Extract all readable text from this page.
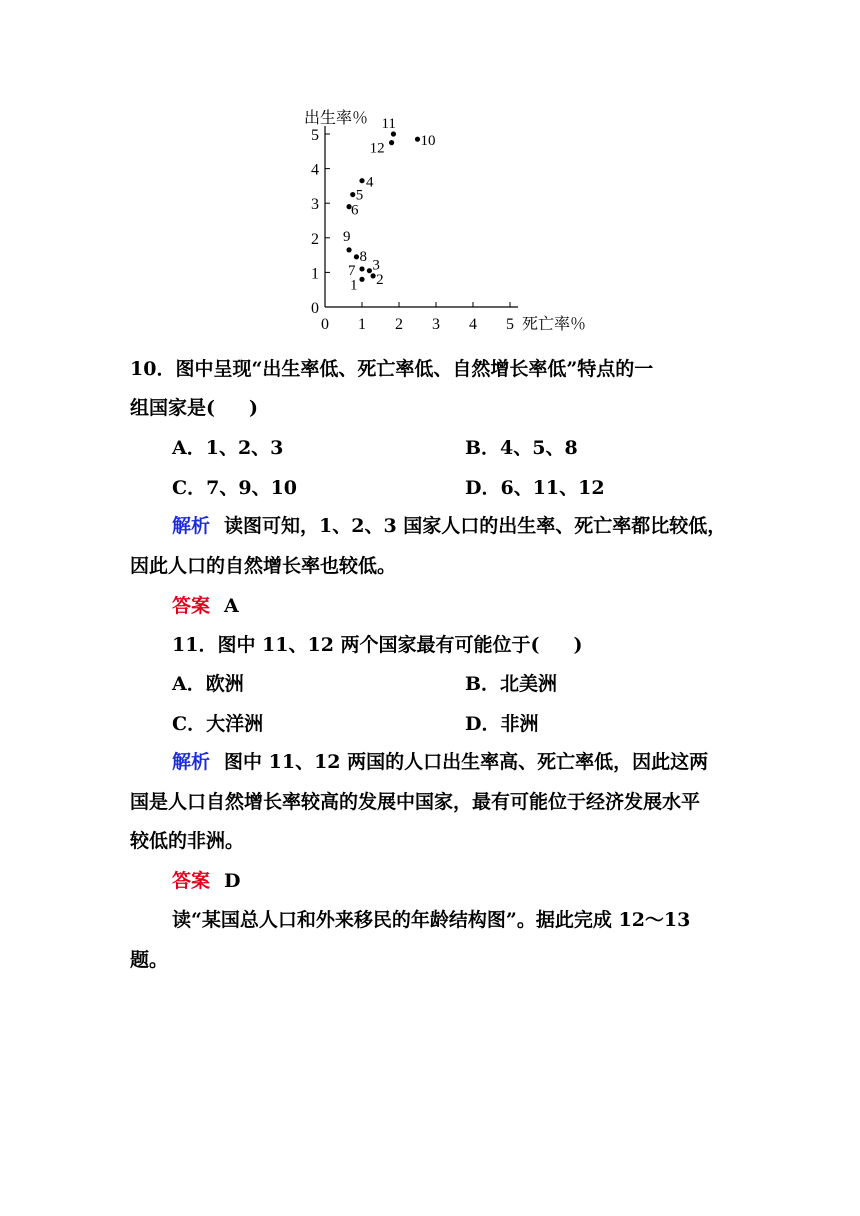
0
1
2
3
4
5
0 1 2 3 4 5
1 2
3
7
8
9
6
5
4
11
12 10
出生率％
死亡率％
10．图中呈现“出生率低、死亡率低、自然增长率低”特点的一
组国家是( )
A．1、2、3	B．4、5、8
C．7、9、10	D．6、11、12
解析 读图可知，1、2、3 国家人口的出生率、死亡率都比较低，
因此人口的自然增长率也较低。
答案 A
11．图中 11、12 两个国家最有可能位于( )
A．欧洲	B．北美洲
C．大洋洲	D．非洲
解析 图中 11、12 两国的人口出生率高、死亡率低，因此这两
国是人口自然增长率较高的发展中国家，最有可能位于经济发展水平
较低的非洲。
答案 D
读“某国总人口和外来移民的年龄结构图”。据此完成 12～13
题。
